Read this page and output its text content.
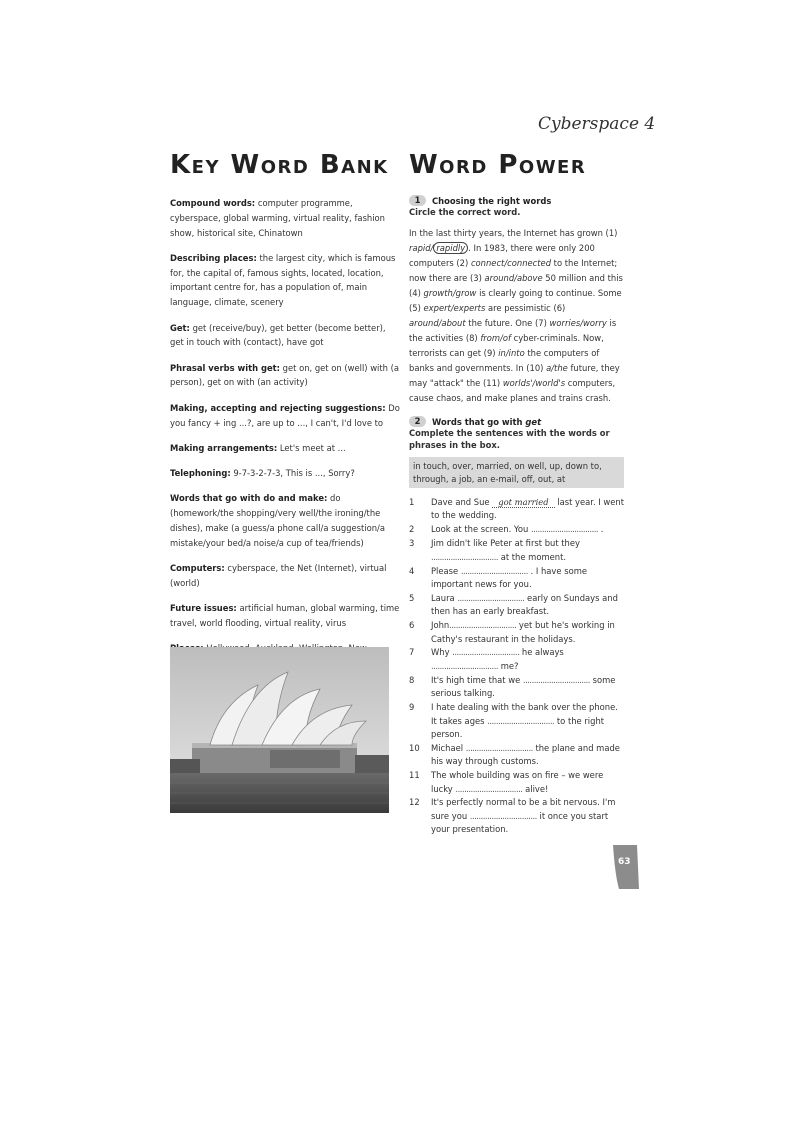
Cyberspace 4
Key Word Bank

Compound words: computer programme, cyberspace, global warming, virtual reality, fashion show, historical site, Chinatown

Describing places: the largest city, which is famous for, the capital of, famous sights, located, location, important centre for, has a population of, main language, climate, scenery

Get: get (receive/buy), get better (become better), get in touch with (contact), have got

Phrasal verbs with get: get on, get on (well) with (a person), get on with (an activity)

Making, accepting and rejecting suggestions: Do you fancy + ing ...?, are up to ..., I can't, I'd love to

Making arrangements: Let's meet at ...

Telephoning: 9-7-3-2-7-3, This is ..., Sorry?

Words that go with do and make: do (homework/the shopping/very well/the ironing/the dishes), make (a guess/a phone call/a suggestion/a mistake/your bed/a noise/a cup of tea/friends)

Computers: cyberspace, the Net (Internet), virtual (world)

Future issues: artificial human, global warming, time travel, world flooding, virtual reality, virus

Word Power
1	Choosing the right words
Circle the correct word.

In the last thirty years, the Internet has grown (1) rapid/ rapidly . In 1983, there were only 200 computers (2) connect/connected to the Internet; now there are (3) around/above 50 million and this (4) growth/grow is clearly going to continue. Some (5) expert/experts are pessimistic (6) around/about the future. One (7) worries/worry is the activities (8) from/of cyber-criminals. Now, terrorists can get (9) in/into the computers of banks and governments. In (10) a/the future, they may "attack" the (11) worlds'/world's computers, cause chaos, and make planes and trains crash.

2	Words that go with get
Complete the sentences with the words or phrases in the box.
in touch, over, married, on well, up, down to, through, a job, an e-mail, off, out, at
1	Dave and Sue got married last year. I went to the wedding.
2	Look at the screen. You ............................... .
3	Jim didn't like Peter at first but they ............................... at the moment.
4	Please ............................... . I have some important news for you.
5	Laura ............................... early on Sundays and then has an early breakfast.
6	John............................... yet but he's working in Cathy's restaurant in the holidays.
7	Why ............................... he always ............................... me?
8	It's high time that we ............................... some serious talking.
9	I hate dealing with the bank over the phone. It takes ages ............................... to the right person.
10	Michael ............................... the plane and made his way through customs.
11	The whole building was on fire – we were lucky ............................... alive!
12	It's perfectly normal to be a bit nervous. I'm sure you ............................... it once you start your presentation.
63
